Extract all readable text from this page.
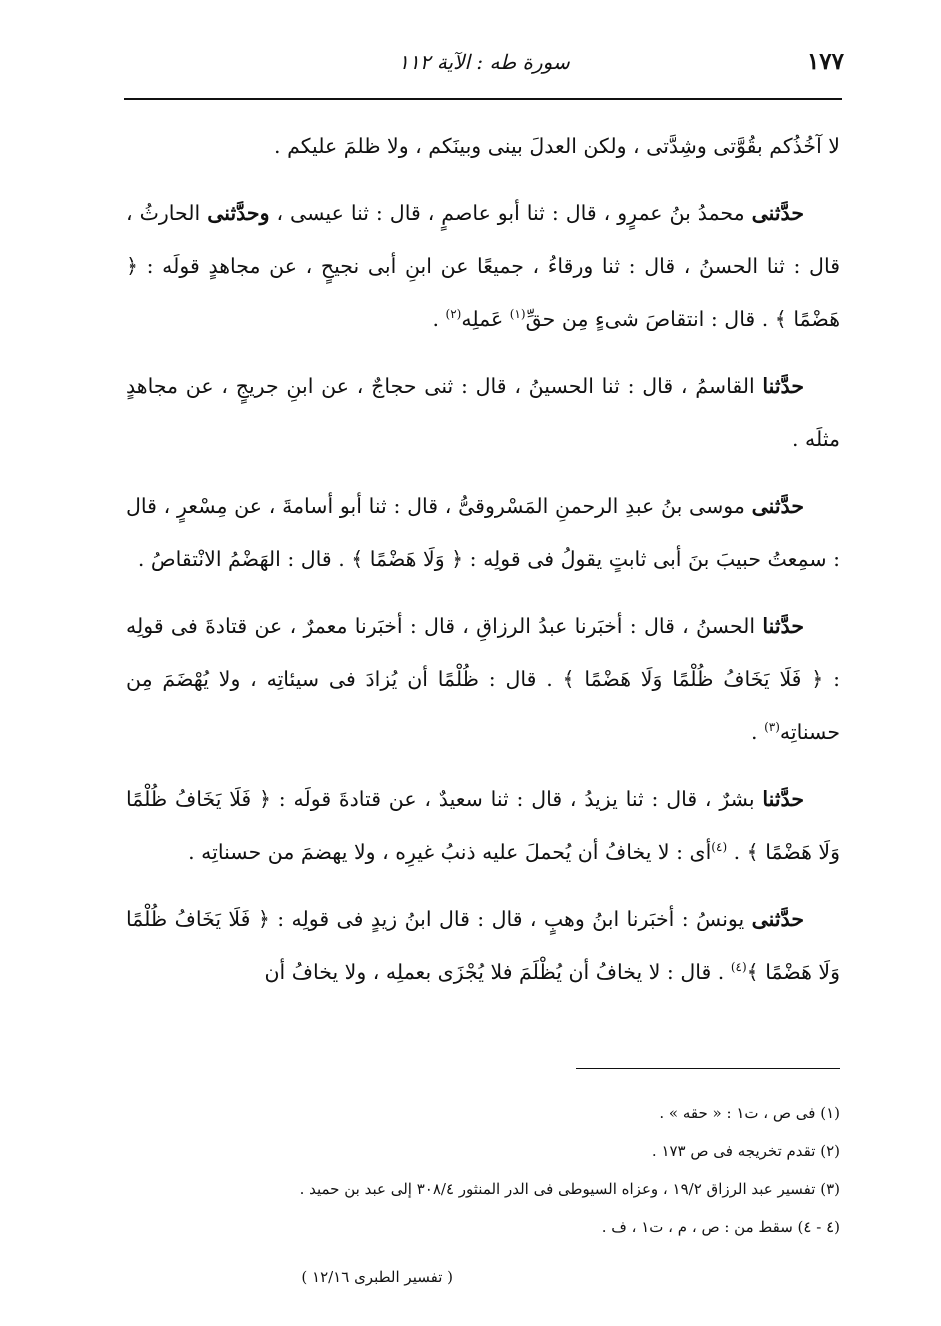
١٧٧
سورة طه : الآية ١١٢

لا آخُذُكم بقُوَّتى وشِدَّتى ، ولكن العدلَ بينى وبينَكم ، ولا ظلمَ عليكم .

حدَّثنى محمدُ بنُ عمرٍو ، قال : ثنا أبو عاصمٍ ، قال : ثنا عيسى ، وحدَّثنى الحارثُ ، قال : ثنا الحسنُ ، قال : ثنا ورقاءُ ، جميعًا عن ابنِ أبى نجيحٍ ، عن مجاهدٍ قولَه : ﴿ هَضْمًا ﴾ . قال : انتقاصَ شىءٍ مِن حقِّ$^{(١)}$ عَملِه$^{(٢)}$ .

حدَّثنا القاسمُ ، قال : ثنا الحسينُ ، قال : ثنى حجاجٌ ، عن ابنِ جريجٍ ، عن مجاهدٍ مثلَه .

حدَّثنى موسى بنُ عبدِ الرحمنِ المَسْروقىُّ ، قال : ثنا أبو أسامةَ ، عن مِسْعرٍ ، قال : سمِعتُ حبيبَ بنَ أبى ثابتٍ يقولُ فى قولِه : ﴿ وَلَا هَضْمًا ﴾ . قال : الهَضْمُ الانْتقاصُ .

حدَّثنا الحسنُ ، قال : أخبَرنا عبدُ الرزاقِ ، قال : أخبَرنا معمرٌ ، عن قتادةَ فى قولِه : ﴿ فَلَا يَخَافُ ظُلْمًا وَلَا هَضْمًا ﴾ . قال : ظُلْمًا أن يُزادَ فى سيئاتِه ، ولا يُهْضَمَ مِن حسناتِه$^{(٣)}$ .

حدَّثنا بشرٌ ، قال : ثنا يزيدُ ، قال : ثنا سعيدٌ ، عن قتادةَ قولَه : ﴿ فَلَا يَخَافُ ظُلْمًا وَلَا هَضْمًا ﴾ . $^{(٤)}$أى : لا يخافُ أن يُحملَ عليه ذنبُ غيرِه ، ولا يهضمَ من حسناتِه .

حدَّثنى يونسُ : أخبَرنا ابنُ وهبٍ ، قال : قال ابنُ زيدٍ فى قولِه : ﴿ فَلَا يَخَافُ ظُلْمًا وَلَا هَضْمًا ﴾$^{(٤)}$ . قال : لا يخافُ أن يُظْلَمَ فلا يُجْزَى بعملِه ، ولا يخافُ أن

(١) فى ص ، ت١ : « حقه » .

(٢) تقدم تخريجه فى ص ١٧٣ .

(٣) تفسير عبد الرزاق ١٩/٢ ، وعزاه السيوطى فى الدر المنثور ٣٠٨/٤ إلى عبد بن حميد .

(٤ - ٤) سقط من : ص ، م ، ت١ ، ف .

( تفسير الطبرى ١٢/١٦ )
